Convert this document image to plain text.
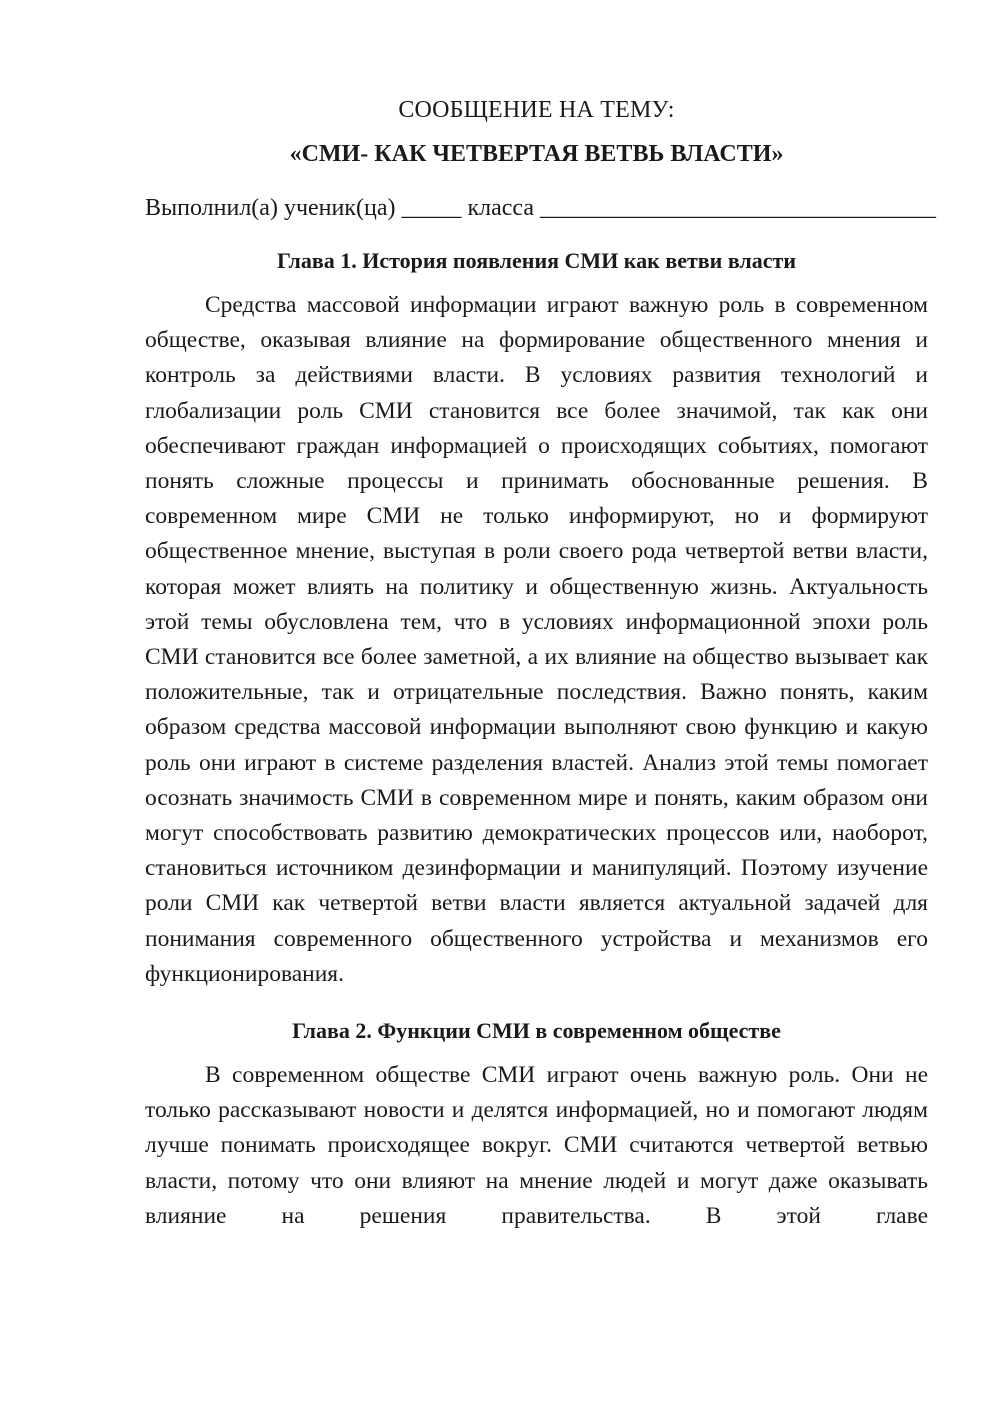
СООБЩЕНИЕ НА ТЕМУ:

«СМИ- КАК ЧЕТВЕРТАЯ ВЕТВЬ ВЛАСТИ»

Выполнил(а) ученик(ца) _____ класса _________________________________

Глава 1. История появления СМИ как ветви власти

Средства массовой информации играют важную роль в современном обществе, оказывая влияние на формирование общественного мнения и контроль за действиями власти. В условиях развития технологий и глобализации роль СМИ становится все более значимой, так как они обеспечивают граждан информацией о происходящих событиях, помогают понять сложные процессы и принимать обоснованные решения. В современном мире СМИ не только информируют, но и формируют общественное мнение, выступая в роли своего рода четвертой ветви власти, которая может влиять на политику и общественную жизнь. Актуальность этой темы обусловлена тем, что в условиях информационной эпохи роль СМИ становится все более заметной, а их влияние на общество вызывает как положительные, так и отрицательные последствия. Важно понять, каким образом средства массовой информации выполняют свою функцию и какую роль они играют в системе разделения властей. Анализ этой темы помогает осознать значимость СМИ в современном мире и понять, каким образом они могут способствовать развитию демократических процессов или, наоборот, становиться источником дезинформации и манипуляций. Поэтому изучение роли СМИ как четвертой ветви власти является актуальной задачей для понимания современного общественного устройства и механизмов его функционирования.

Глава 2. Функции СМИ в современном обществе

В современном обществе СМИ играют очень важную роль. Они не только рассказывают новости и делятся информацией, но и помогают людям лучше понимать происходящее вокруг. СМИ считаются четвертой ветвью власти, потому что они влияют на мнение людей и могут даже оказывать влияние на решения правительства. В этой главе
